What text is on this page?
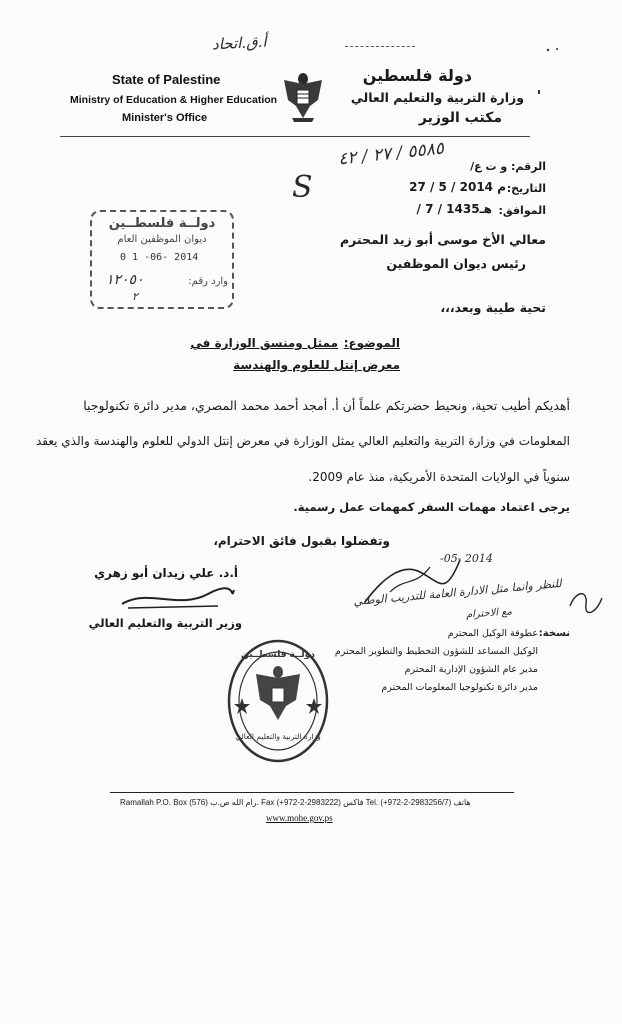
أ.ق.اتحاد
State of Palestine
Ministry of Education & Higher Education
Minister's Office
دولة فلسطين
وزارة التربية والتعليم العالي
مكتب الوزير
٥٥٨٥ / ٢٧ / ٤٢
S
الرقم: و ت ع/
التاريخ:
27 / 5 / 2014 م
الموافق:
/ 7 / 1435هـ
دولــة فلسطــين
ديوان الموظفين العام
0 1 -06- 2014
وارد رقم:
١٢٠٥٠
٢
معالي الأخ موسى أبو زيد المحترم
رئيس ديوان الموظفين
تحية طيبة وبعد،،،
الموضوع:
ممثل ومنسق الوزارة في
معرض إنتل للعلوم والهندسة
أهديكم أطيب تحية، ونحيط حضرتكم علماً أن أ. أمجد أحمد محمد المصري، مدير دائرة تكنولوجيا
المعلومات في وزارة التربية والتعليم العالي يمثل الوزارة في معرض إنتل الدولي للعلوم والهندسة والذي يعقد
سنوياً في الولايات المتحدة الأمريكية، منذ عام 2009.
يرجى اعتماد مهمات السفر كمهمات عمل رسمية.
وتفضلوا بقبول فائق الاحترام،
-05- 2014
أ.د. علي زيدان أبو زهري
وزير التربية والتعليم العالي
للنظر وانما مثل الادارة العامة للتدريب الوطني
مع الاحترام
نسخة:
عطوفة الوكيل المحترم
الوكيل المساعد للشؤون التخطيط والتطوير المحترم
مدير عام الشؤون الإدارية المحترم
مدير دائرة تكنولوجيا المعلومات المحترم
دولــة فلسطــين
وزارة التربية والتعليم العالي
Ramallah P.O. Box (576) رام الله ص.ب. Fax (+972-2-2983222) فاكس Tel. (+972-2-2983256/7) هاتف
www.mohe.gov.ps
